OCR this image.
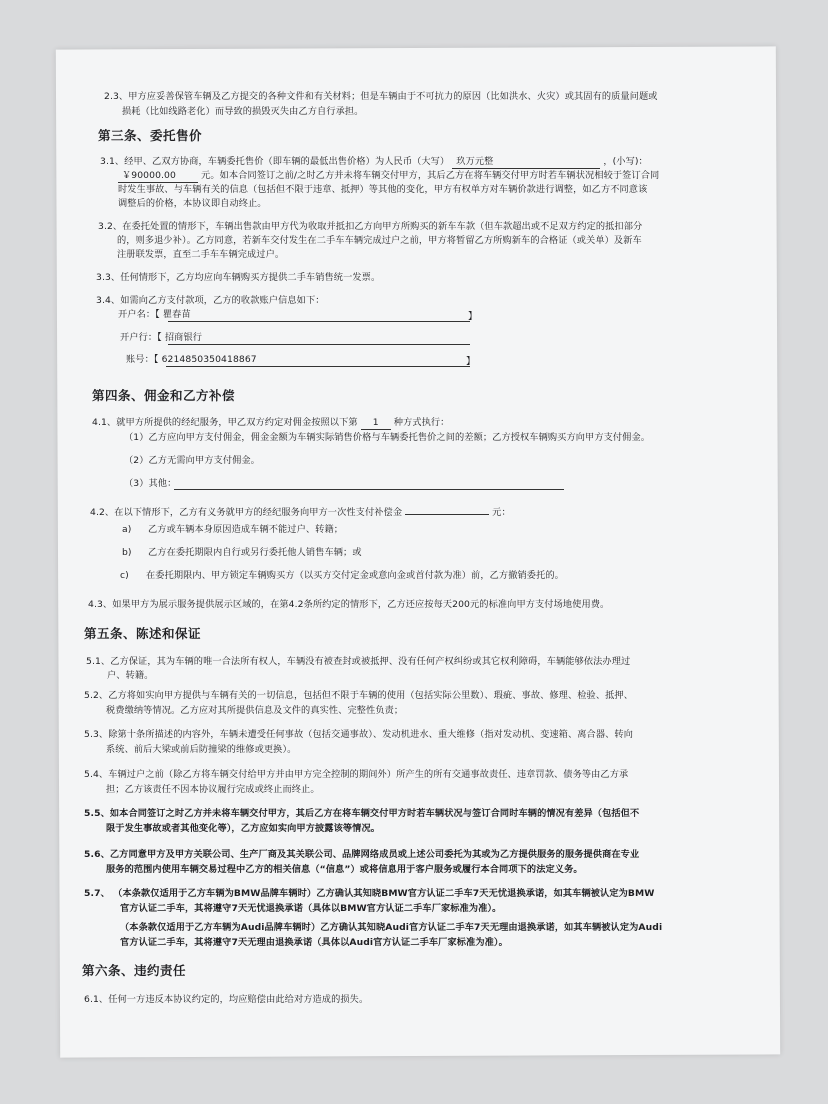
2.3、甲方应妥善保管车辆及乙方提交的各种文件和有关材料；但是车辆由于不可抗力的原因（比如洪水、火灾）或其固有的质量问题或
损耗（比如线路老化）而导致的损毁灭失由乙方自行承担。
第三条、委托售价
3.1、经甲、乙双方协商，车辆委托售价（即车辆的最低出售价格）为人民币（大写） 玖万元整	，(小写)：
￥90000.00	元。如本合同签订之前/之时乙方并未将车辆交付甲方，其后乙方在将车辆交付甲方时若车辆状况相较于签订合同
时发生事故、与车辆有关的信息（包括但不限于违章、抵押）等其他的变化，甲方有权单方对车辆价款进行调整，如乙方不同意该
调整后的价格，本协议即自动终止。
3.2、在委托处置的情形下，车辆出售款由甲方代为收取并抵扣乙方向甲方所购买的新车车款（但车款超出或不足双方约定的抵扣部分
的，则多退少补）。乙方同意，若新车交付发生在二手车车辆完成过户之前，甲方将暂留乙方所购新车的合格证（或关单）及新车
注册联发票，直至二手车车辆完成过户。
3.3、任何情形下，乙方均应向车辆购买方提供二手车销售统一发票。
3.4、如需向乙方支付款项，乙方的收款账户信息如下：
开户名：【 瞿春苗	】
开户行：【 招商银行
账号：【 6214850350418867	】
第四条、佣金和乙方补偿
4.1、就甲方所提供的经纪服务，甲乙双方约定对佣金按照以下第 1 种方式执行：
（1）乙方应向甲方支付佣金，佣金金额为车辆实际销售价格与车辆委托售价之间的差额；乙方授权车辆购买方向甲方支付佣金。
（2）乙方无需向甲方支付佣金。
（3）其他：
4.2、在以下情形下，乙方有义务就甲方的经纪服务向甲方一次性支付补偿金	元：
a) 乙方或车辆本身原因造成车辆不能过户、转籍；
b) 乙方在委托期限内自行或另行委托他人销售车辆；或
c) 在委托期限内、甲方锁定车辆购买方（以买方交付定金或意向金或首付款为准）前，乙方撤销委托的。
4.3、如果甲方为展示服务提供展示区域的，在第4.2条所约定的情形下，乙方还应按每天200元的标准向甲方支付场地使用费。
第五条、陈述和保证
5.1、乙方保证，其为车辆的唯一合法所有权人，车辆没有被查封或被抵押、没有任何产权纠纷或其它权利障碍，车辆能够依法办理过
户、转籍。
5.2、乙方将如实向甲方提供与车辆有关的一切信息，包括但不限于车辆的使用（包括实际公里数）、瑕疵、事故、修理、检验、抵押、
税费缴纳等情况。乙方应对其所提供信息及文件的真实性、完整性负责；
5.3、除第十条所描述的内容外，车辆未遭受任何事故（包括交通事故）、发动机进水、重大维修（指对发动机、变速箱、离合器、转向
系统、前后大梁或前后防撞梁的维修或更换）。
5.4、车辆过户之前（除乙方将车辆交付给甲方并由甲方完全控制的期间外）所产生的所有交通事故责任、违章罚款、债务等由乙方承
担；乙方该责任不因本协议履行完成或终止而终止。
5.5、如本合同签订之时乙方并未将车辆交付甲方，其后乙方在将车辆交付甲方时若车辆状况与签订合同时车辆的情况有差异（包括但不
限于发生事故或者其他变化等），乙方应如实向甲方披露该等情况。
5.6、乙方同意甲方及甲方关联公司、生产厂商及其关联公司、品牌网络成员或上述公司委托为其或为乙方提供服务的服务提供商在专业
服务的范围内使用车辆交易过程中乙方的相关信息（“信息”）或将信息用于客户服务或履行本合同项下的法定义务。
5.7、 （本条款仅适用于乙方车辆为BMW品牌车辆时）乙方确认其知晓BMW官方认证二手车7天无忧退换承诺，如其车辆被认定为BMW
官方认证二手车，其将遵守7天无忧退换承诺（具体以BMW官方认证二手车厂家标准为准）。
（本条款仅适用于乙方车辆为Audi品牌车辆时）乙方确认其知晓Audi官方认证二手车7天无理由退换承诺，如其车辆被认定为Audi
官方认证二手车，其将遵守7天无理由退换承诺（具体以Audi官方认证二手车厂家标准为准）。
第六条、违约责任
6.1、任何一方违反本协议约定的，均应赔偿由此给对方造成的损失。
